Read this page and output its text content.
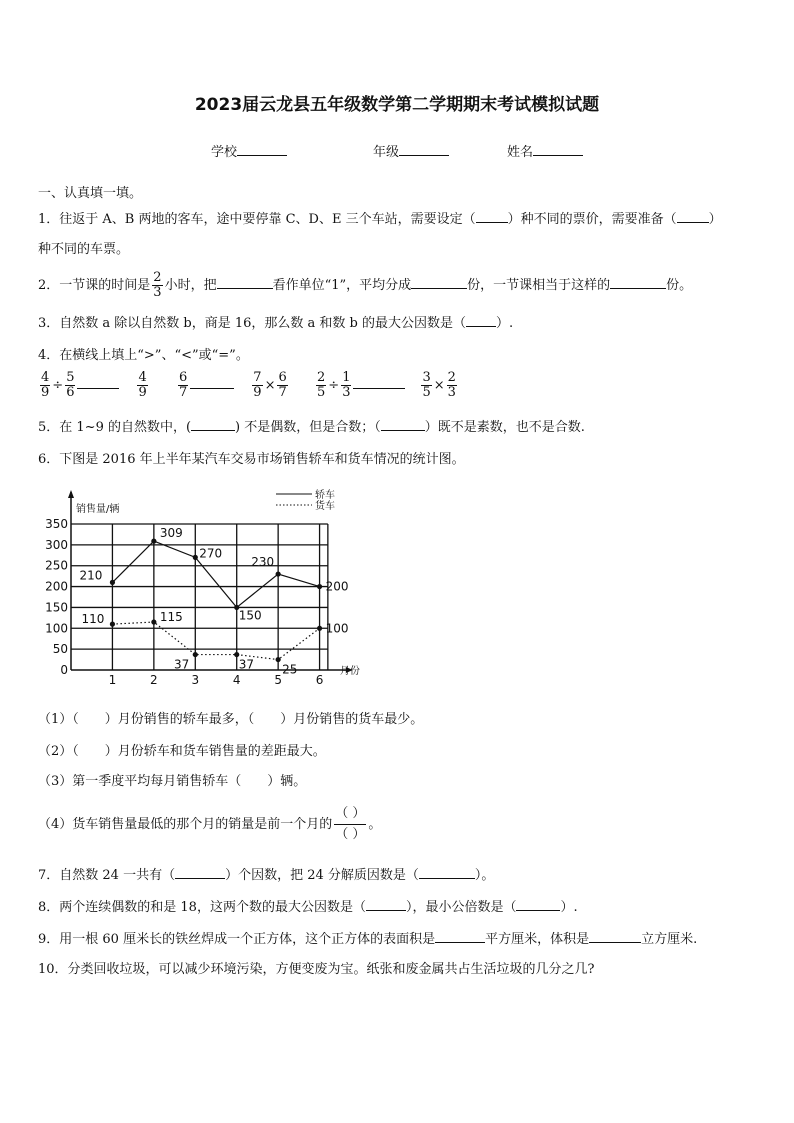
2023届云龙县五年级数学第二学期期末考试模拟试题
学校	年级	姓名
一、认真填一填。
1．往返于 A、B 两地的客车，途中要停靠 C、D、E 三个车站，需要设定（ ）种不同的票价，需要准备（ ）
种不同的车票。
2．一节课的时间是 $\frac{2}{3}$ 小时，把	看作单位“1”，平均分成	份，一节课相当于这样的	份。
3．自然数 a 除以自然数 b，商是 16，那么数 a 和数 b 的最大公因数是（ ）.
4．在横线上填上“>”、“<”或“=”。
$\frac{4}{9} \div \frac{5}{6}$	$\frac{4}{9} \frac{6}{7}$	$\frac{7}{9} \times \frac{6}{7} \frac{2}{5} \div \frac{1}{3}$	$\frac{3}{5} \times \frac{2}{3}$
5．在 1~9 的自然数中，(	) 不是偶数，但是合数；（	）既不是素数，也不是合数.
6．下图是 2016 年上半年某汽车交易市场销售轿车和货车情况的统计图。
0
50
100
150
200
250
300
350
1	2	3	4	5	6
月份
销售量/辆
210
309
270
150
230
200
110	115
37	37 25
100
轿车
货车
（1）（ ）月份销售的轿车最多，（ ）月份销售的货车最少。
（2）（ ）月份轿车和货车销售量的差距最大。
（3）第一季度平均每月销售轿车（ ）辆。
（4）货车销售量最低的那个月的销量是前一个月的 $\frac{( )}{( )}$ 。
7．自然数 24 一共有（	）个因数，把 24 分解质因数是（	）。
8．两个连续偶数的和是 18，这两个数的最大公因数是（	），最小公倍数是（	）.
9．用一根 60 厘米长的铁丝焊成一个正方体，这个正方体的表面积是	平方厘米，体积是	立方厘米.
10．分类回收垃圾，可以减少环境污染，方便变废为宝。纸张和废金属共占生活垃圾的几分之几?
